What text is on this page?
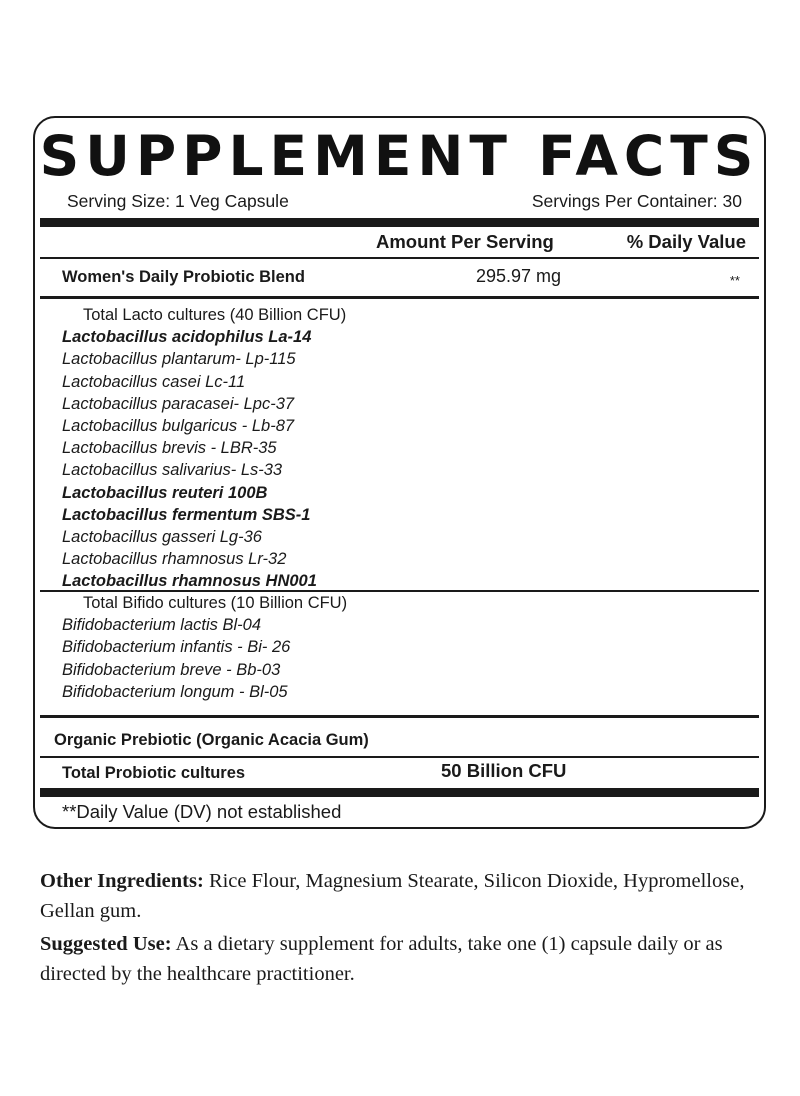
SUPPLEMENT FACTS
Serving Size: 1 Veg Capsule	Servings Per Container: 30
Amount Per Serving	% Daily Value
Women's Daily Probiotic Blend	295.97 mg	**
Total Lacto cultures (40 Billion CFU)
Lactobacillus acidophilus La-14
Lactobacillus plantarum- Lp-115
Lactobacillus casei Lc-11
Lactobacillus paracasei- Lpc-37
Lactobacillus bulgaricus - Lb-87
Lactobacillus brevis - LBR-35
Lactobacillus salivarius- Ls-33
Lactobacillus reuteri 100B
Lactobacillus fermentum SBS-1
Lactobacillus gasseri Lg-36
Lactobacillus rhamnosus Lr-32
Lactobacillus rhamnosus HN001
Total Bifido cultures (10 Billion CFU)
Bifidobacterium lactis Bl-04
Bifidobacterium infantis - Bi- 26
Bifidobacterium breve - Bb-03
Bifidobacterium longum - Bl-05
Organic Prebiotic (Organic Acacia Gum)
Total Probiotic cultures	50 Billion CFU
**Daily Value (DV) not established
Other Ingredients: Rice Flour, Magnesium Stearate, Silicon Dioxide, Hypromellose, Gellan gum.
Suggested Use: As a dietary supplement for adults, take one (1) capsule daily or as directed by the healthcare practitioner.
